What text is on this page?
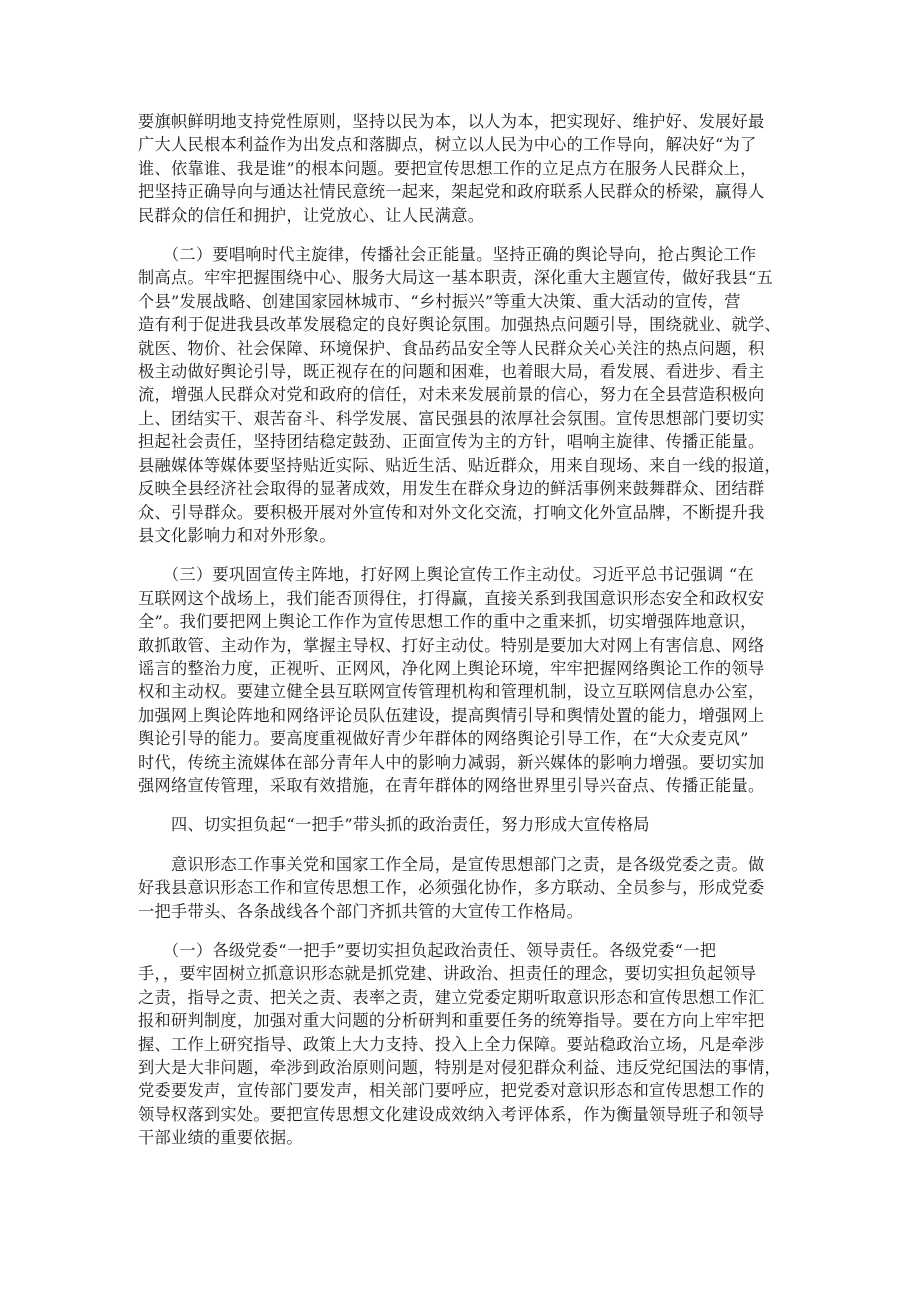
要旗帜鲜明地支持党性原则，坚持以民为本，以人为本，把实现好、维护好、发展好最
广大人民根本利益作为出发点和落脚点，树立以人民为中心的工作导向，解决好“为了
谁、依靠谁、我是谁”的根本问题。要把宣传思想工作的立足点方在服务人民群众上，
把坚持正确导向与通达社情民意统一起来，架起党和政府联系人民群众的桥梁，赢得人
民群众的信任和拥护，让党放心、让人民满意。
　　（二）要唱响时代主旋律，传播社会正能量。坚持正确的舆论导向，抢占舆论工作
制高点。牢牢把握围绕中心、服务大局这一基本职责，深化重大主题宣传，做好我县“五
个县”发展战略、创建国家园林城市、“乡村振兴”等重大决策、重大活动的宣传，营
造有利于促进我县改革发展稳定的良好舆论氛围。加强热点问题引导，围绕就业、就学、
就医、物价、社会保障、环境保护、食品药品安全等人民群众关心关注的热点问题，积
极主动做好舆论引导，既正视存在的问题和困难，也着眼大局，看发展、看进步、看主
流，增强人民群众对党和政府的信任，对未来发展前景的信心，努力在全县营造积极向
上、团结实干、艰苦奋斗、科学发展、富民强县的浓厚社会氛围。宣传思想部门要切实
担起社会责任，坚持团结稳定鼓劲、正面宣传为主的方针，唱响主旋律、传播正能量。
县融媒体等媒体要坚持贴近实际、贴近生活、贴近群众，用来自现场、来自一线的报道，
反映全县经济社会取得的显著成效，用发生在群众身边的鲜活事例来鼓舞群众、团结群
众、引导群众。要积极开展对外宣传和对外文化交流，打响文化外宣品牌，不断提升我
县文化影响力和对外形象。
　　（三）要巩固宣传主阵地，打好网上舆论宣传工作主动仗。习近平总书记强调 “在
互联网这个战场上，我们能否顶得住，打得赢，直接关系到我国意识形态安全和政权安
全”。我们要把网上舆论工作作为宣传思想工作的重中之重来抓，切实增强阵地意识，
敢抓敢管、主动作为，掌握主导权、打好主动仗。特别是要加大对网上有害信息、网络
谣言的整治力度，正视听、正网风，净化网上舆论环境，牢牢把握网络舆论工作的领导
权和主动权。要建立健全县互联网宣传管理机构和管理机制，设立互联网信息办公室，
加强网上舆论阵地和网络评论员队伍建设，提高舆情引导和舆情处置的能力，增强网上
舆论引导的能力。要高度重视做好青少年群体的网络舆论引导工作，在“大众麦克风”
时代，传统主流媒体在部分青年人中的影响力减弱，新兴媒体的影响力增强。要切实加
强网络宣传管理，采取有效措施，在青年群体的网络世界里引导兴奋点、传播正能量。
　　四、切实担负起“一把手”带头抓的政治责任，努力形成大宣传格局
　　意识形态工作事关党和国家工作全局，是宣传思想部门之责，是各级党委之责。做
好我县意识形态工作和宣传思想工作，必须强化协作，多方联动、全员参与，形成党委
一把手带头、各条战线各个部门齐抓共管的大宣传工作格局。
　　（一）各级党委“一把手”要切实担负起政治责任、领导责任。各级党委“一把
手，，要牢固树立抓意识形态就是抓党建、讲政治、担责任的理念，要切实担负起领导
之责，指导之责、把关之责、表率之责，建立党委定期听取意识形态和宣传思想工作汇
报和研判制度，加强对重大问题的分析研判和重要任务的统筹指导。要在方向上牢牢把
握、工作上研究指导、政策上大力支持、投入上全力保障。要站稳政治立场，凡是牵涉
到大是大非问题，牵涉到政治原则问题，特别是对侵犯群众利益、违反党纪国法的事情，
党委要发声，宣传部门要发声，相关部门要呼应，把党委对意识形态和宣传思想工作的
领导权落到实处。要把宣传思想文化建设成效纳入考评体系，作为衡量领导班子和领导
干部业绩的重要依据。
